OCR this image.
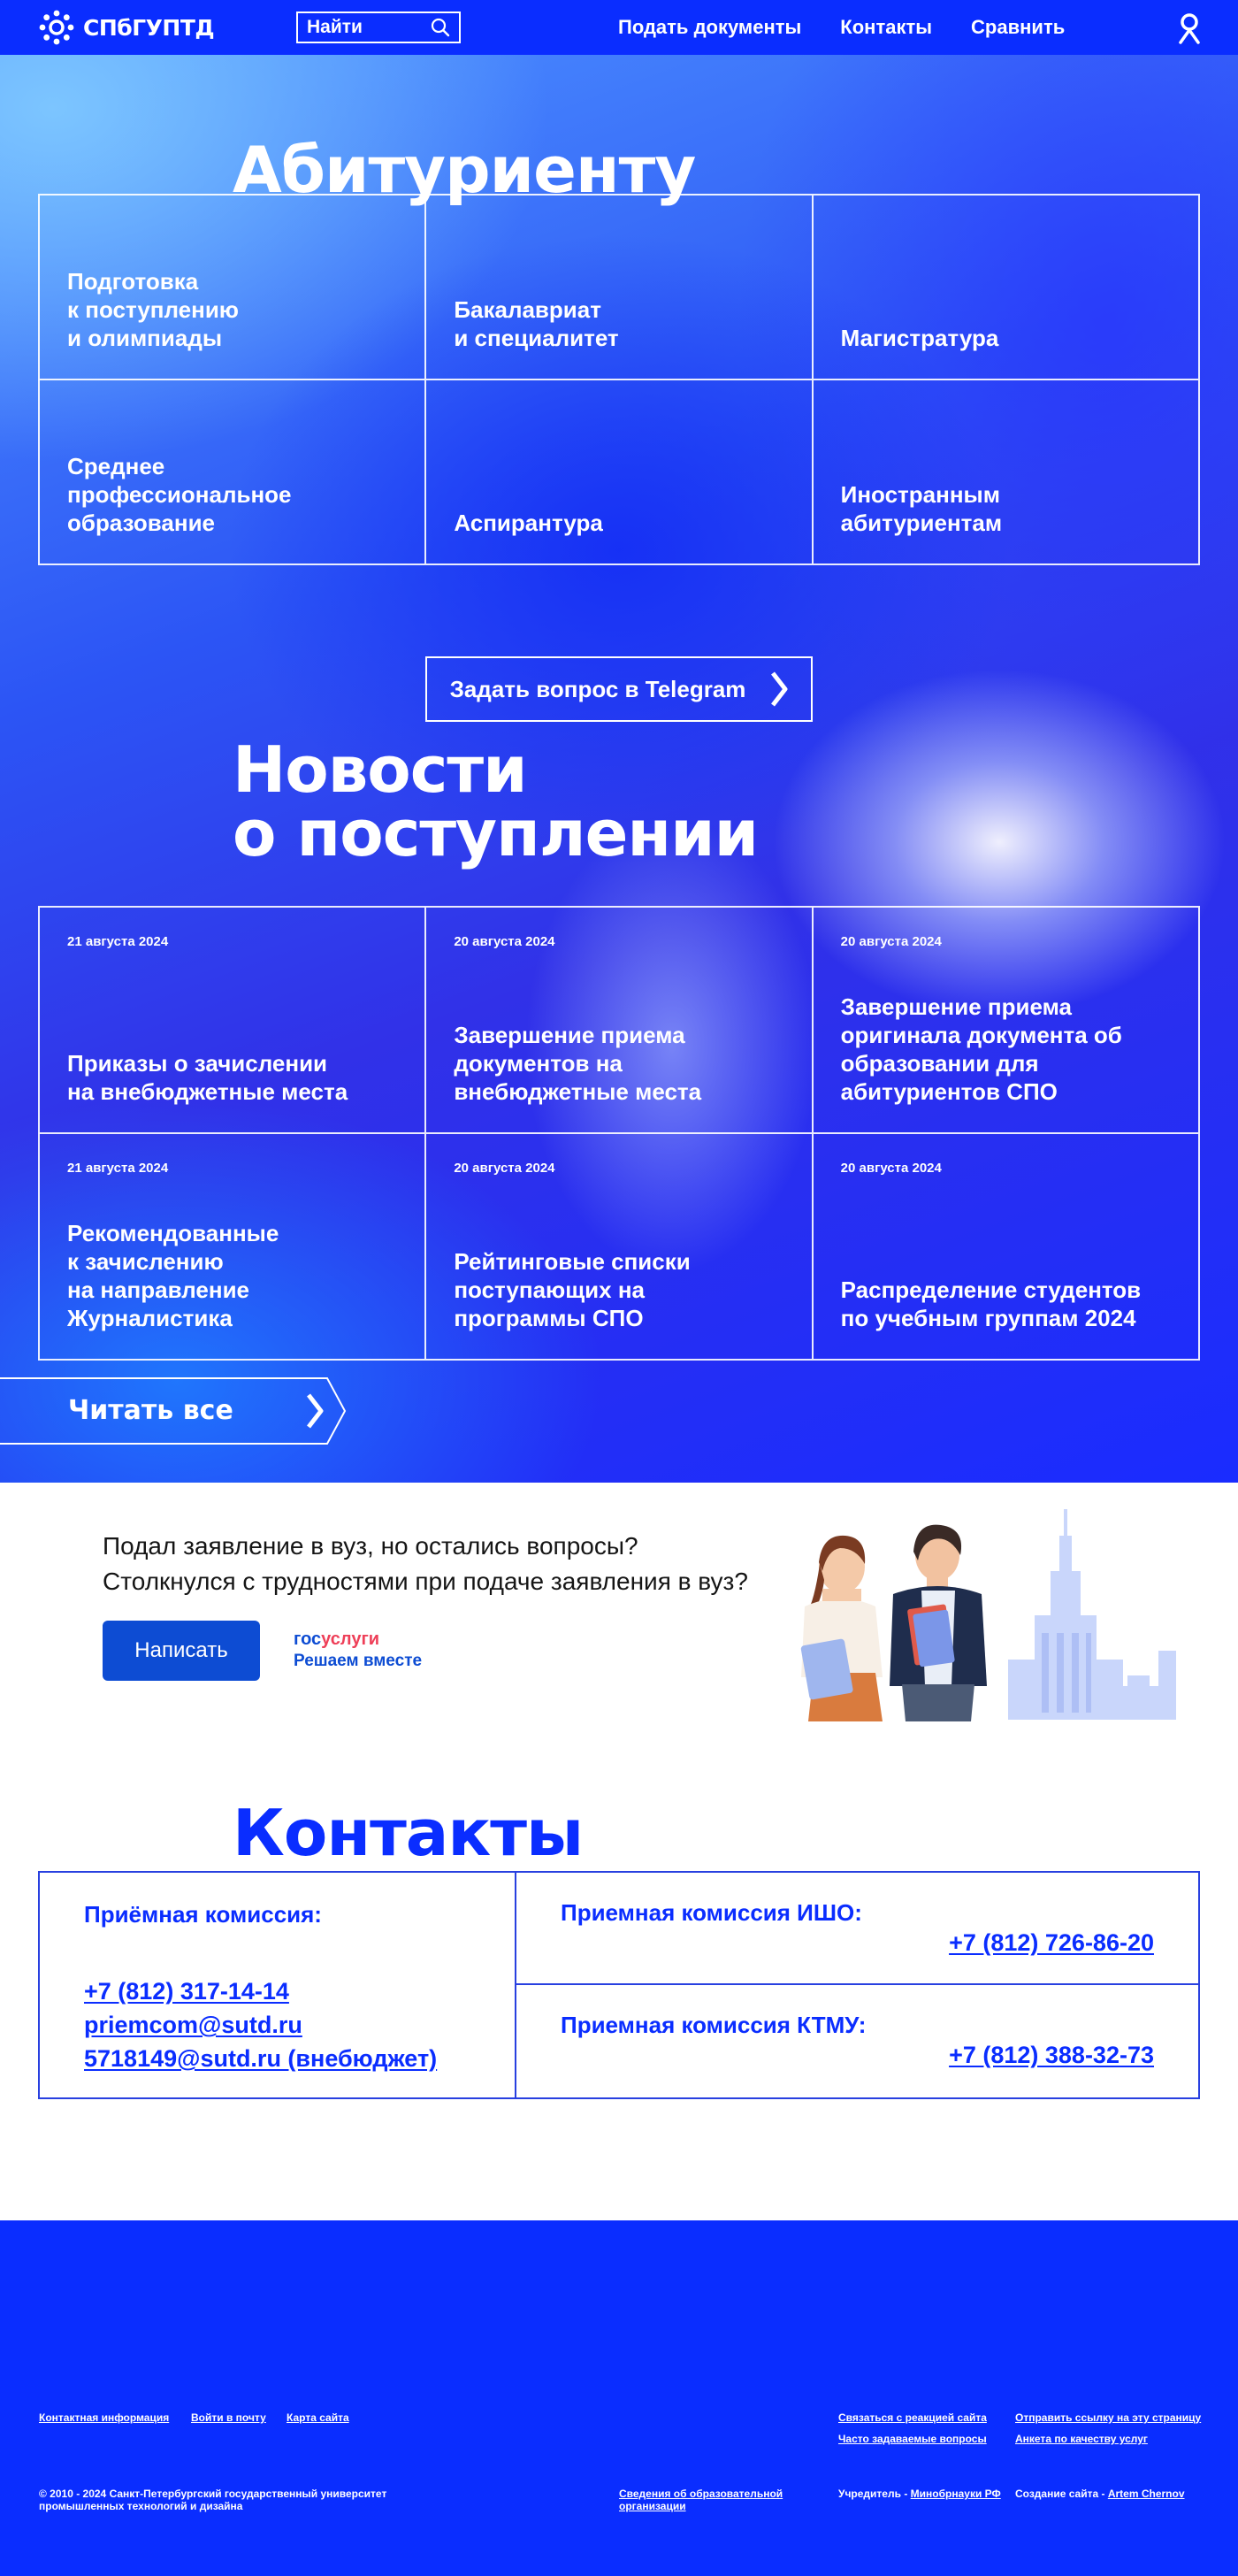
СПбГУПТД
Найти	Подать документы Контакты Сравнить
Абитуриенту
Подготовка
к поступлению
и олимпиады
Бакалавриат
и специалитет	Магистратура
Среднее
профессиональное
образование	Аспирантура
Иностранным
абитуриентам
Задать вопрос в Telegram
Новости
о поступлении
21 августа 2024
Приказы о зачислении
на внебюджетные места
20 августа 2024
Завершение приема
документов на
внебюджетные места
20 августа 2024
Завершение приема
оригинала документа об
образовании для
абитуриентов СПО
21 августа 2024
Рекомендованные
к зачислению
на направление
Журналистика
20 августа 2024
Рейтинговые списки
поступающих на
программы СПО
20 августа 2024
Распределение студентов
по учебным группам 2024
Читать все
Подал заявление в вуз, но остались вопросы?
Столкнулся с трудностями при подаче заявления в вуз?
Написать	госуслуги
Решаем вместе
Контакты
Приёмная комиссия:
+7 (812) 317-14-14
priemcom@sutd.ru
5718149@sutd.ru (внебюджет)
Приемная комиссия ИШО:
+7 (812) 726-86-20
Приемная комиссия КТМУ:
+7 (812) 388-32-73
Контактная информация Войти в почту Карта сайта	Связаться с реакцией сайта	Отправить ссылку на эту страницу
Часто задаваемые вопросы	Анкета по качеству услуг
© 2010 - 2024 Санкт-Петербургский государственный университет
промышленных технологий и дизайна
Сведения об образовательной
организации
Учредитель - Минобрнауки РФ Создание сайта - Artem Chernov
